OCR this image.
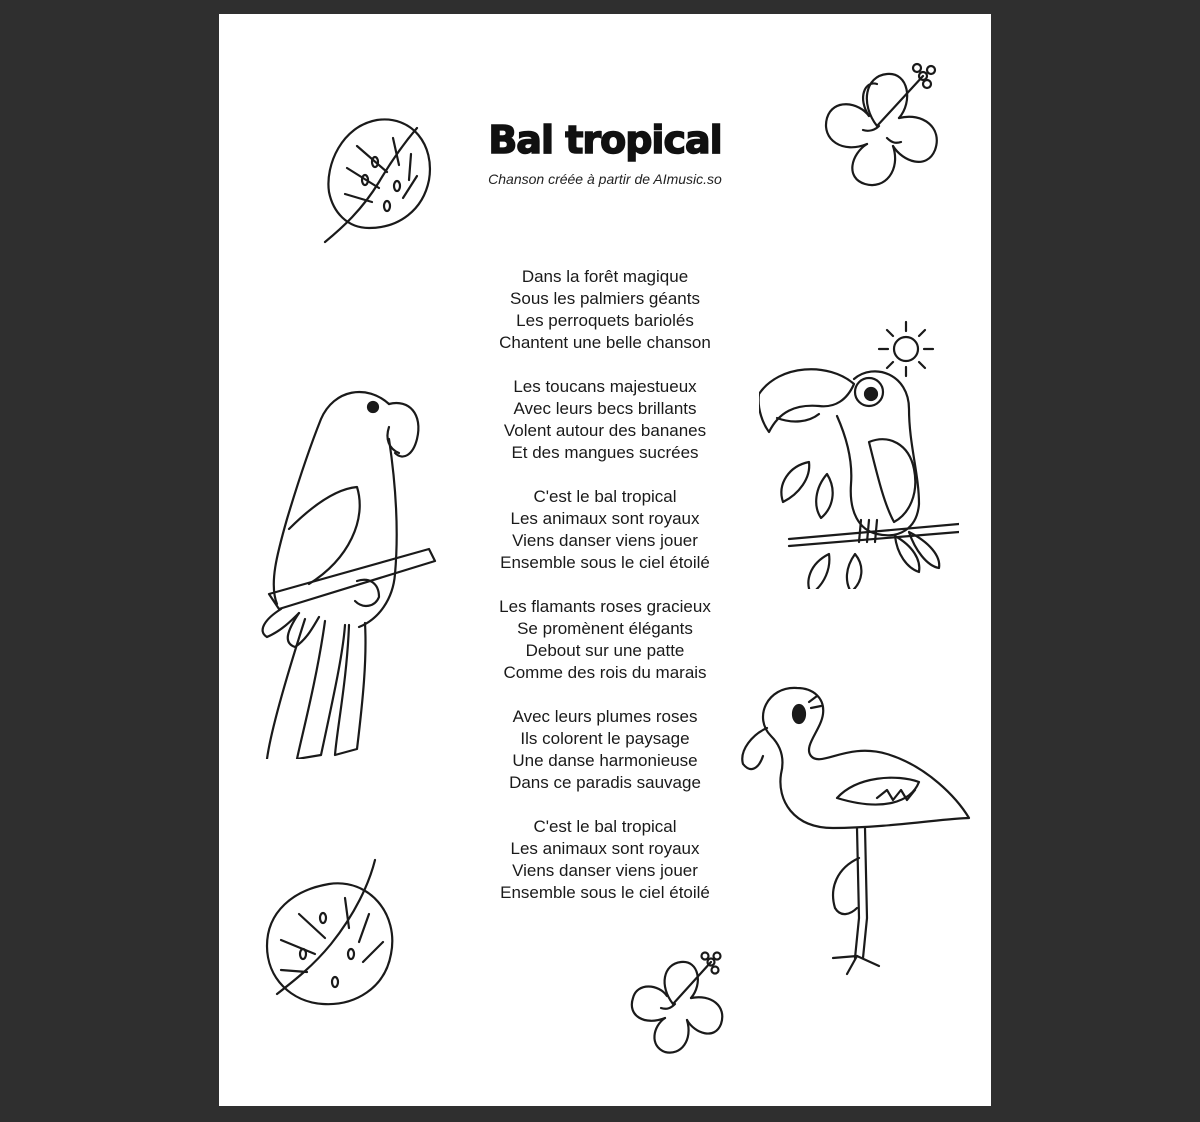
Bal tropical

Chanson créée à partir de AImusic.so

Dans la forêt magique
Sous les palmiers géants
Les perroquets bariolés
Chantent une belle chanson
Les toucans majestueux
Avec leurs becs brillants
Volent autour des bananes
Et des mangues sucrées
C'est le bal tropical
Les animaux sont royaux
Viens danser viens jouer
Ensemble sous le ciel étoilé
Les flamants roses gracieux
Se promènent élégants
Debout sur une patte
Comme des rois du marais
Avec leurs plumes roses
Ils colorent le paysage
Une danse harmonieuse
Dans ce paradis sauvage
C'est le bal tropical
Les animaux sont royaux
Viens danser viens jouer
Ensemble sous le ciel étoilé
